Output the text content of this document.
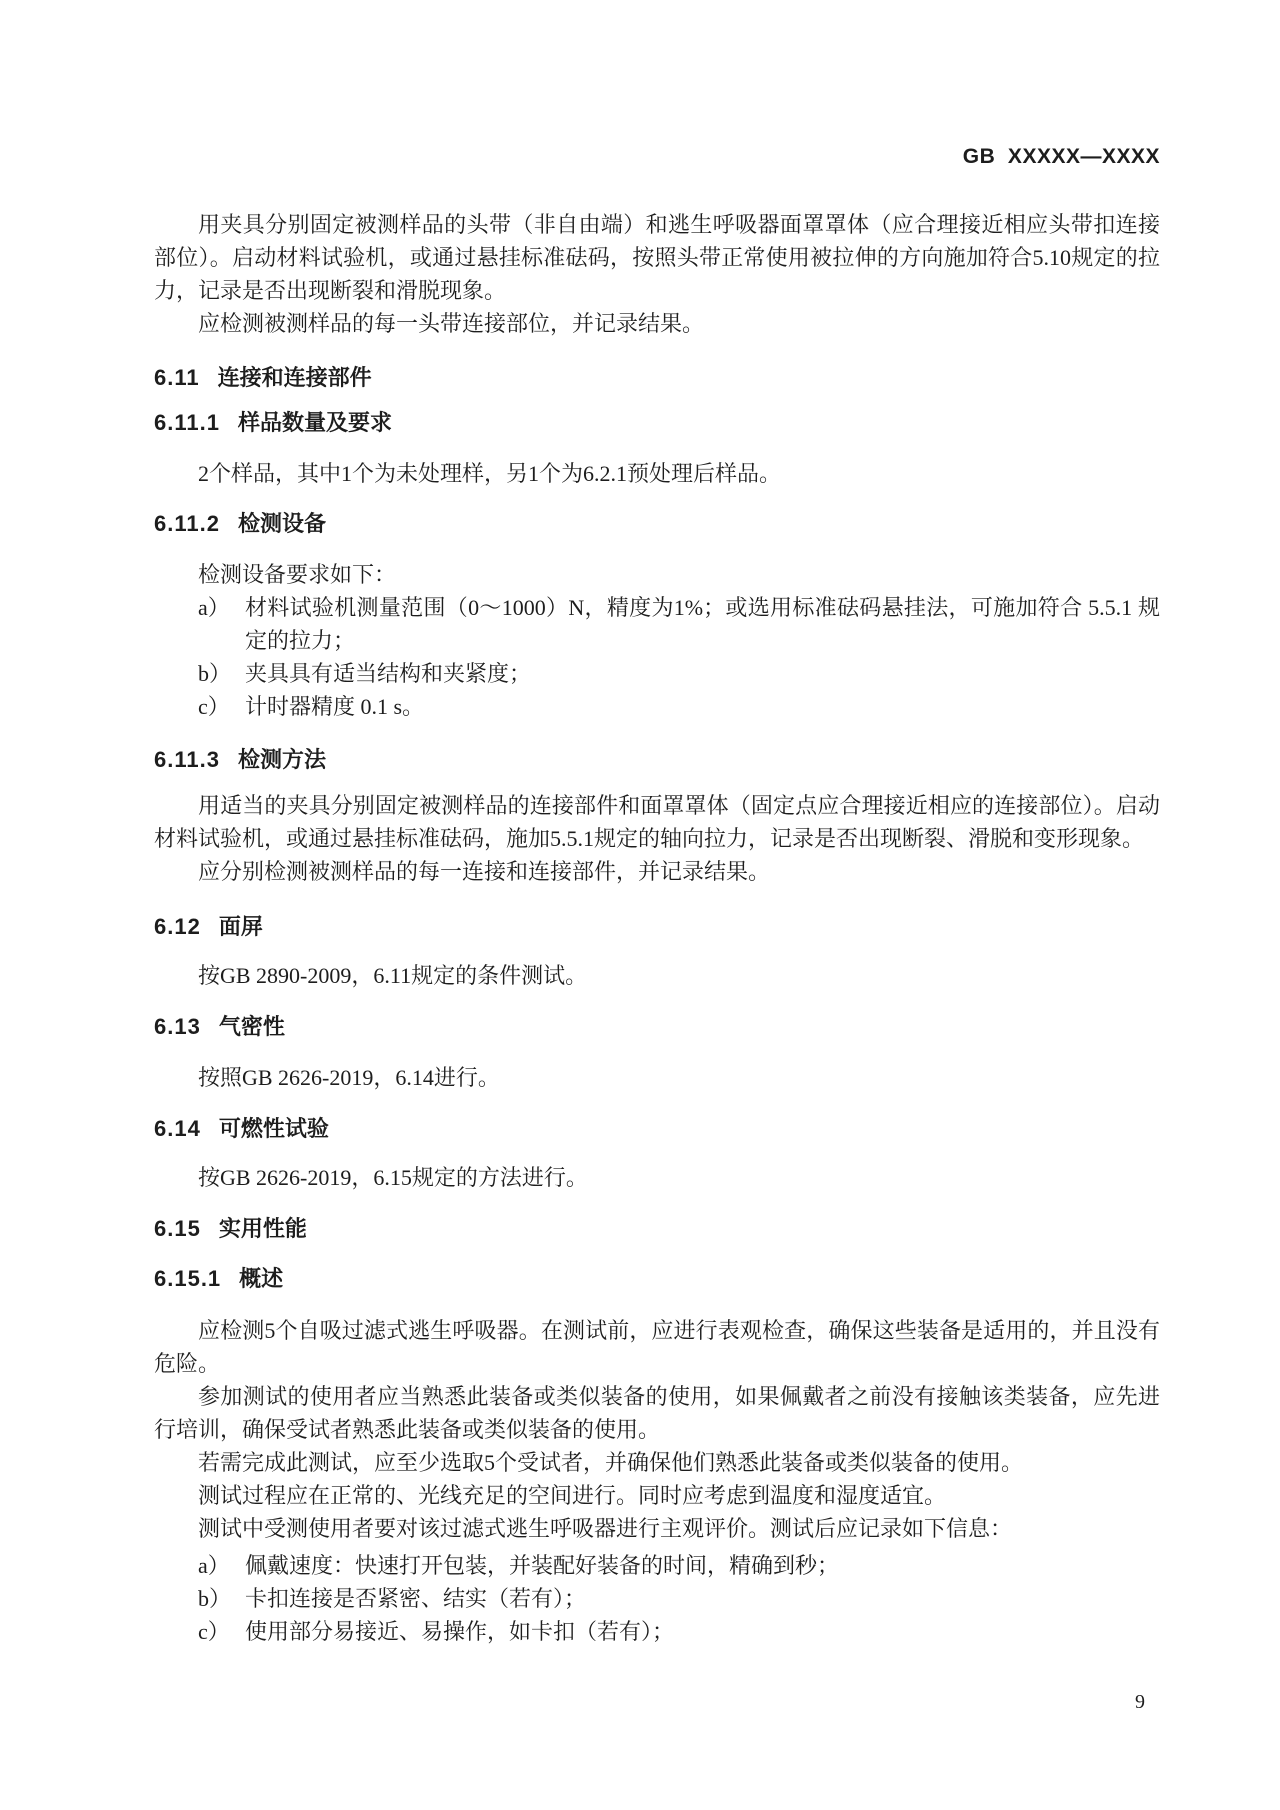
GB  XXXXX—XXXX

用夹具分别固定被测样品的头带（非自由端）和逃生呼吸器面罩罩体（应合理接近相应头带扣连接部位）。启动材料试验机，或通过悬挂标准砝码，按照头带正常使用被拉伸的方向施加符合5.10规定的拉力，记录是否出现断裂和滑脱现象。

应检测被测样品的每一头带连接部位，并记录结果。

6.11 连接和连接部件
6.11.1 样品数量及要求

2个样品，其中1个为未处理样，另1个为6.2.1预处理后样品。

6.11.2 检测设备

检测设备要求如下：

a） 材料试验机测量范围（0～1000）N，精度为1%；或选用标准砝码悬挂法，可施加符合 5.5.1 规定的拉力；
b） 夹具具有适当结构和夹紧度；
c） 计时器精度 0.1 s。
6.11.3 检测方法

用适当的夹具分别固定被测样品的连接部件和面罩罩体（固定点应合理接近相应的连接部位）。启动材料试验机，或通过悬挂标准砝码，施加5.5.1规定的轴向拉力，记录是否出现断裂、滑脱和变形现象。

应分别检测被测样品的每一连接和连接部件，并记录结果。

6.12 面屏

按GB 2890-2009，6.11规定的条件测试。

6.13 气密性

按照GB 2626-2019，6.14进行。

6.14 可燃性试验

按GB 2626-2019，6.15规定的方法进行。

6.15 实用性能
6.15.1 概述

应检测5个自吸过滤式逃生呼吸器。在测试前，应进行表观检查，确保这些装备是适用的，并且没有危险。

参加测试的使用者应当熟悉此装备或类似装备的使用，如果佩戴者之前没有接触该类装备，应先进行培训，确保受试者熟悉此装备或类似装备的使用。

若需完成此测试，应至少选取5个受试者，并确保他们熟悉此装备或类似装备的使用。

测试过程应在正常的、光线充足的空间进行。同时应考虑到温度和湿度适宜。

测试中受测使用者要对该过滤式逃生呼吸器进行主观评价。测试后应记录如下信息：

a） 佩戴速度：快速打开包装，并装配好装备的时间，精确到秒；
b） 卡扣连接是否紧密、结实（若有）；
c） 使用部分易接近、易操作，如卡扣（若有）；
9
